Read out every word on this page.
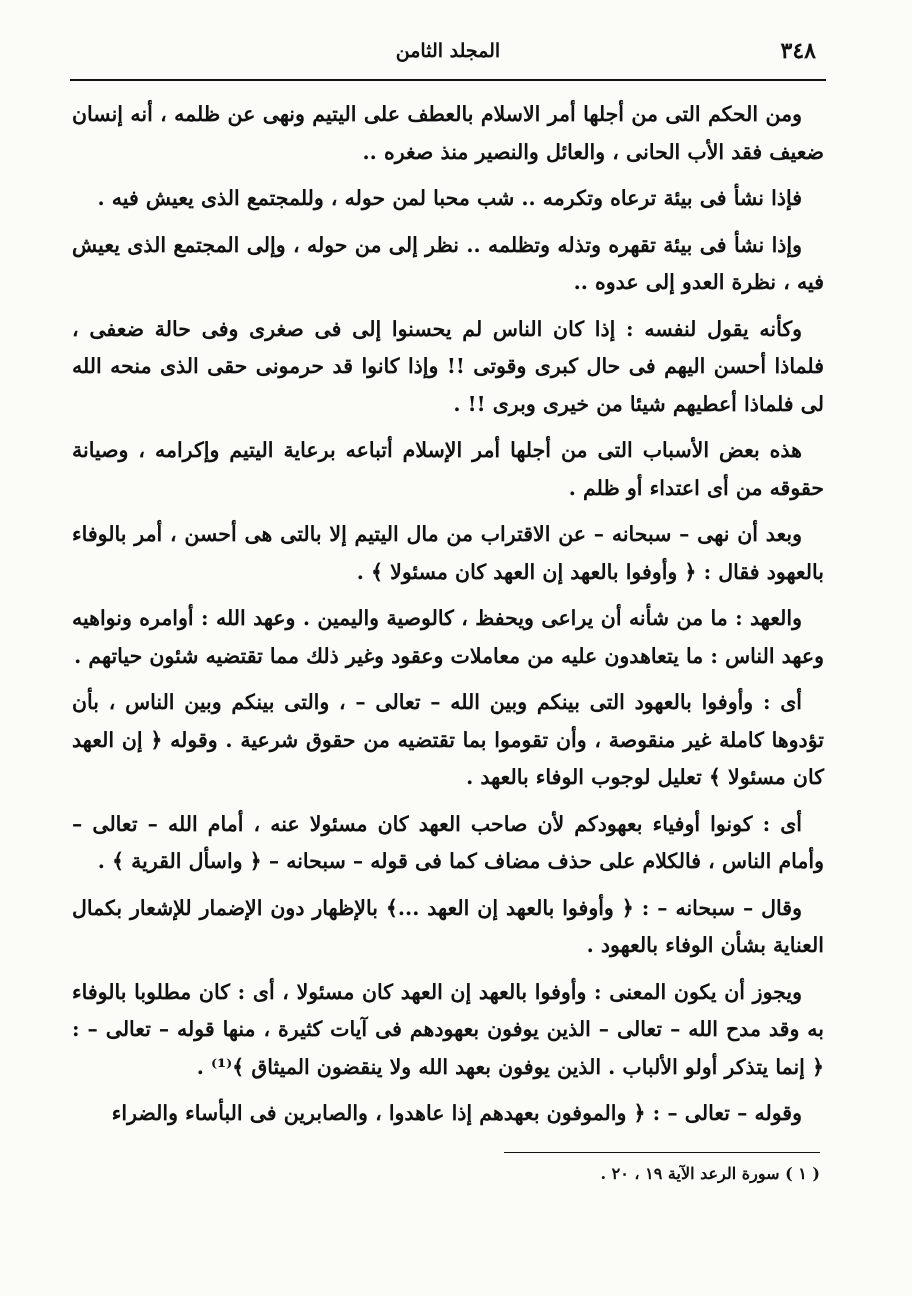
٣٤٨
المجلد الثامن

ومن الحكم التى من أجلها أمر الاسلام بالعطف على اليتيم ونهى عن ظلمه ، أنه إنسان ضعيف فقد الأب الحانى ، والعائل والنصير منذ صغره ..

فإذا نشأ فى بيئة ترعاه وتكرمه .. شب محبا لمن حوله ، وللمجتمع الذى يعيش فيه .

وإذا نشأ فى بيئة تقهره وتذله وتظلمه .. نظر إلى من حوله ، وإلى المجتمع الذى يعيش فيه ، نظرة العدو إلى عدوه ..

وكأنه يقول لنفسه : إذا كان الناس لم يحسنوا إلى فى صغرى وفى حالة ضعفى ، فلماذا أحسن اليهم فى حال كبرى وقوتى !! وإذا كانوا قد حرمونى حقى الذى منحه الله لى فلماذا أعطيهم شيئا من خيرى وبرى !! .

هذه بعض الأسباب التى من أجلها أمر الإسلام أتباعه برعاية اليتيم وإكرامه ، وصيانة حقوقه من أى اعتداء أو ظلم .

وبعد أن نهى – سبحانه – عن الاقتراب من مال اليتيم إلا بالتى هى أحسن ، أمر بالوفاء بالعهود فقال : ﴿ وأوفوا بالعهد إن العهد كان مسئولا ﴾ .

والعهد : ما من شأنه أن يراعى ويحفظ ، كالوصية واليمين . وعهد الله : أوامره ونواهيه وعهد الناس : ما يتعاهدون عليه من معاملات وعقود وغير ذلك مما تقتضيه شئون حياتهم .

أى : وأوفوا بالعهود التى بينكم وبين الله – تعالى – ، والتى بينكم وبين الناس ، بأن تؤدوها كاملة غير منقوصة ، وأن تقوموا بما تقتضيه من حقوق شرعية . وقوله ﴿ إن العهد كان مسئولا ﴾ تعليل لوجوب الوفاء بالعهد .

أى : كونوا أوفياء بعهودكم لأن صاحب العهد كان مسئولا عنه ، أمام الله – تعالى – وأمام الناس ، فالكلام على حذف مضاف كما فى قوله – سبحانه – ﴿ واسأل القرية ﴾ .

وقال – سبحانه – : ﴿ وأوفوا بالعهد إن العهد ...﴾ بالإظهار دون الإضمار للإشعار بكمال العناية بشأن الوفاء بالعهود .

ويجوز أن يكون المعنى : وأوفوا بالعهد إن العهد كان مسئولا ، أى : كان مطلوبا بالوفاء به وقد مدح الله – تعالى – الذين يوفون بعهودهم فى آيات كثيرة ، منها قوله – تعالى – : ﴿ إنما يتذكر أولو الألباب . الذين يوفون بعهد الله ولا ينقضون الميثاق ﴾⁽¹⁾ .

وقوله – تعالى – : ﴿ والموفون بعهدهم إذا عاهدوا ، والصابرين فى البأساء والضراء

( ١ ) سورة الرعد الآية ١٩ ، ٢٠ .
